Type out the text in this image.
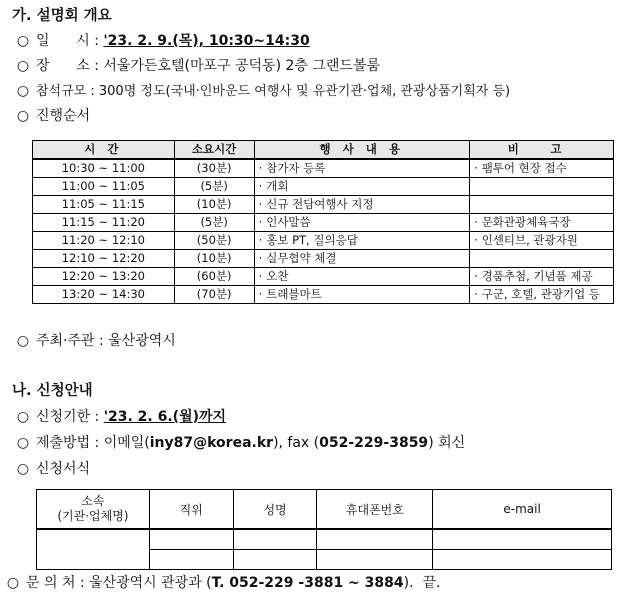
가. 설명회 개요
○ 일      시 : '23. 2. 9.(목), 10:30~14:30
○ 장      소 : 서울가든호텔(마포구 공덕동) 2층 그랜드볼룸
○ 참석규모 : 300명 정도(국내·인바운드 여행사 및 유관기관·업체, 관광상품기획자 등)
○ 진행순서
시 간	소요시간	행 사 내 용	비 고
10:30 ~ 11:00	(30분)	‧ 참가자 등록	‧ 팸투어 현장 접수
11:00 ~ 11:05	(5분)	‧ 개회	
11:05 ~ 11:15	(10분)	‧ 신규 전담여행사 지정	
11:15 ~ 11:20	(5분)	‧ 인사말씀	‧ 문화관광체육국장
11:20 ~ 12:10	(50분)	‧ 홍보 PT, 질의응답	‧ 인센티브, 관광자원
12:10 ~ 12:20	(10분)	‧ 실무협약 체결	
12:20 ~ 13:20	(60분)	‧ 오찬	‧ 경품추첨, 기념품 제공
13:20 ~ 14:30	(70분)	‧ 트래블마트	‧ 구군, 호텔, 관광기업 등
○ 주최·주관 : 울산광역시
나. 신청안내
○ 신청기한 : '23. 2. 6.(월)까지
○ 제출방법 : 이메일(iny87@korea.kr), fax (052-229-3859) 회신
○ 신청서식
소속
(기관·업체명)	직위	성명	휴대폰번호	e-mail

○ 문 의 처 : 울산광역시 관광과 (T. 052-229 -3881 ~ 3884).  끝.
